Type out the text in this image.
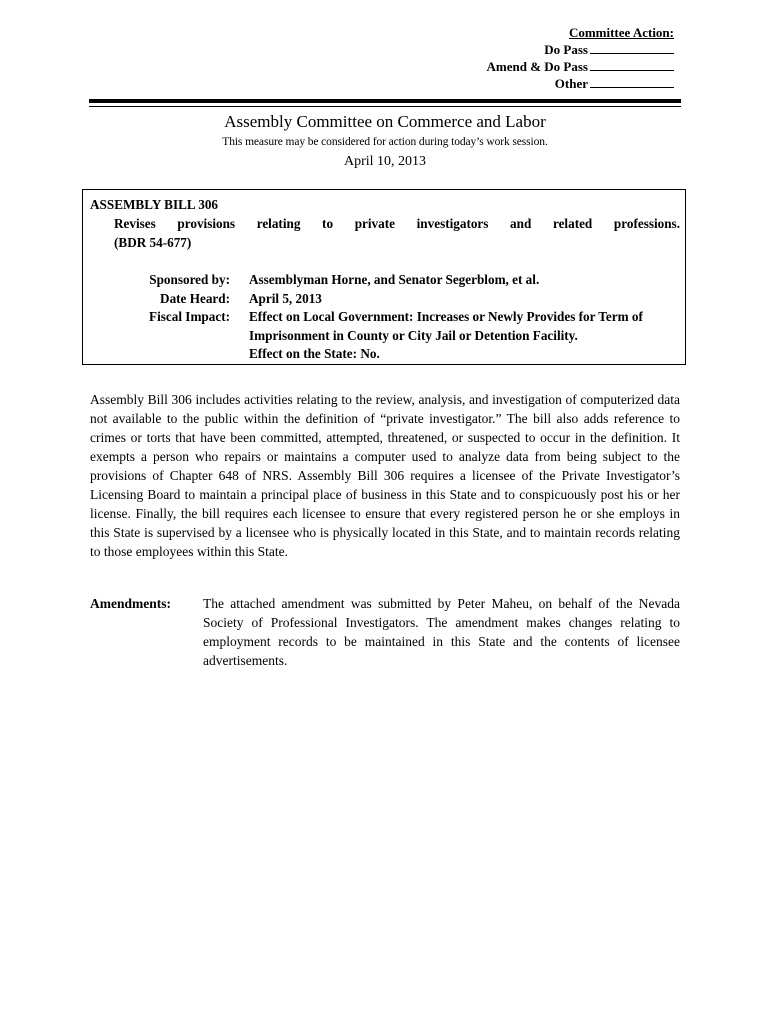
Committee Action:
Do Pass
Amend & Do Pass
Other
Assembly Committee on Commerce and Labor
This measure may be considered for action during today’s work session.
April 10, 2013
ASSEMBLY BILL 306
Revises provisions relating to private investigators and related professions.
(BDR 54-677)
Sponsored by: Assemblyman Horne, and Senator Segerblom, et al.
Date Heard: April 5, 2013
Fiscal Impact: Effect on Local Government: Increases or Newly Provides for Term of Imprisonment in County or City Jail or Detention Facility.
Effect on the State: No.
Assembly Bill 306 includes activities relating to the review, analysis, and investigation of computerized data not available to the public within the definition of “private investigator.” The bill also adds reference to crimes or torts that have been committed, attempted, threatened, or suspected to occur in the definition. It exempts a person who repairs or maintains a computer used to analyze data from being subject to the provisions of Chapter 648 of NRS. Assembly Bill 306 requires a licensee of the Private Investigator’s Licensing Board to maintain a principal place of business in this State and to conspicuously post his or her license. Finally, the bill requires each licensee to ensure that every registered person he or she employs in this State is supervised by a licensee who is physically located in this State, and to maintain records relating to those employees within this State.
Amendments: The attached amendment was submitted by Peter Maheu, on behalf of the Nevada Society of Professional Investigators. The amendment makes changes relating to employment records to be maintained in this State and the contents of licensee advertisements.
